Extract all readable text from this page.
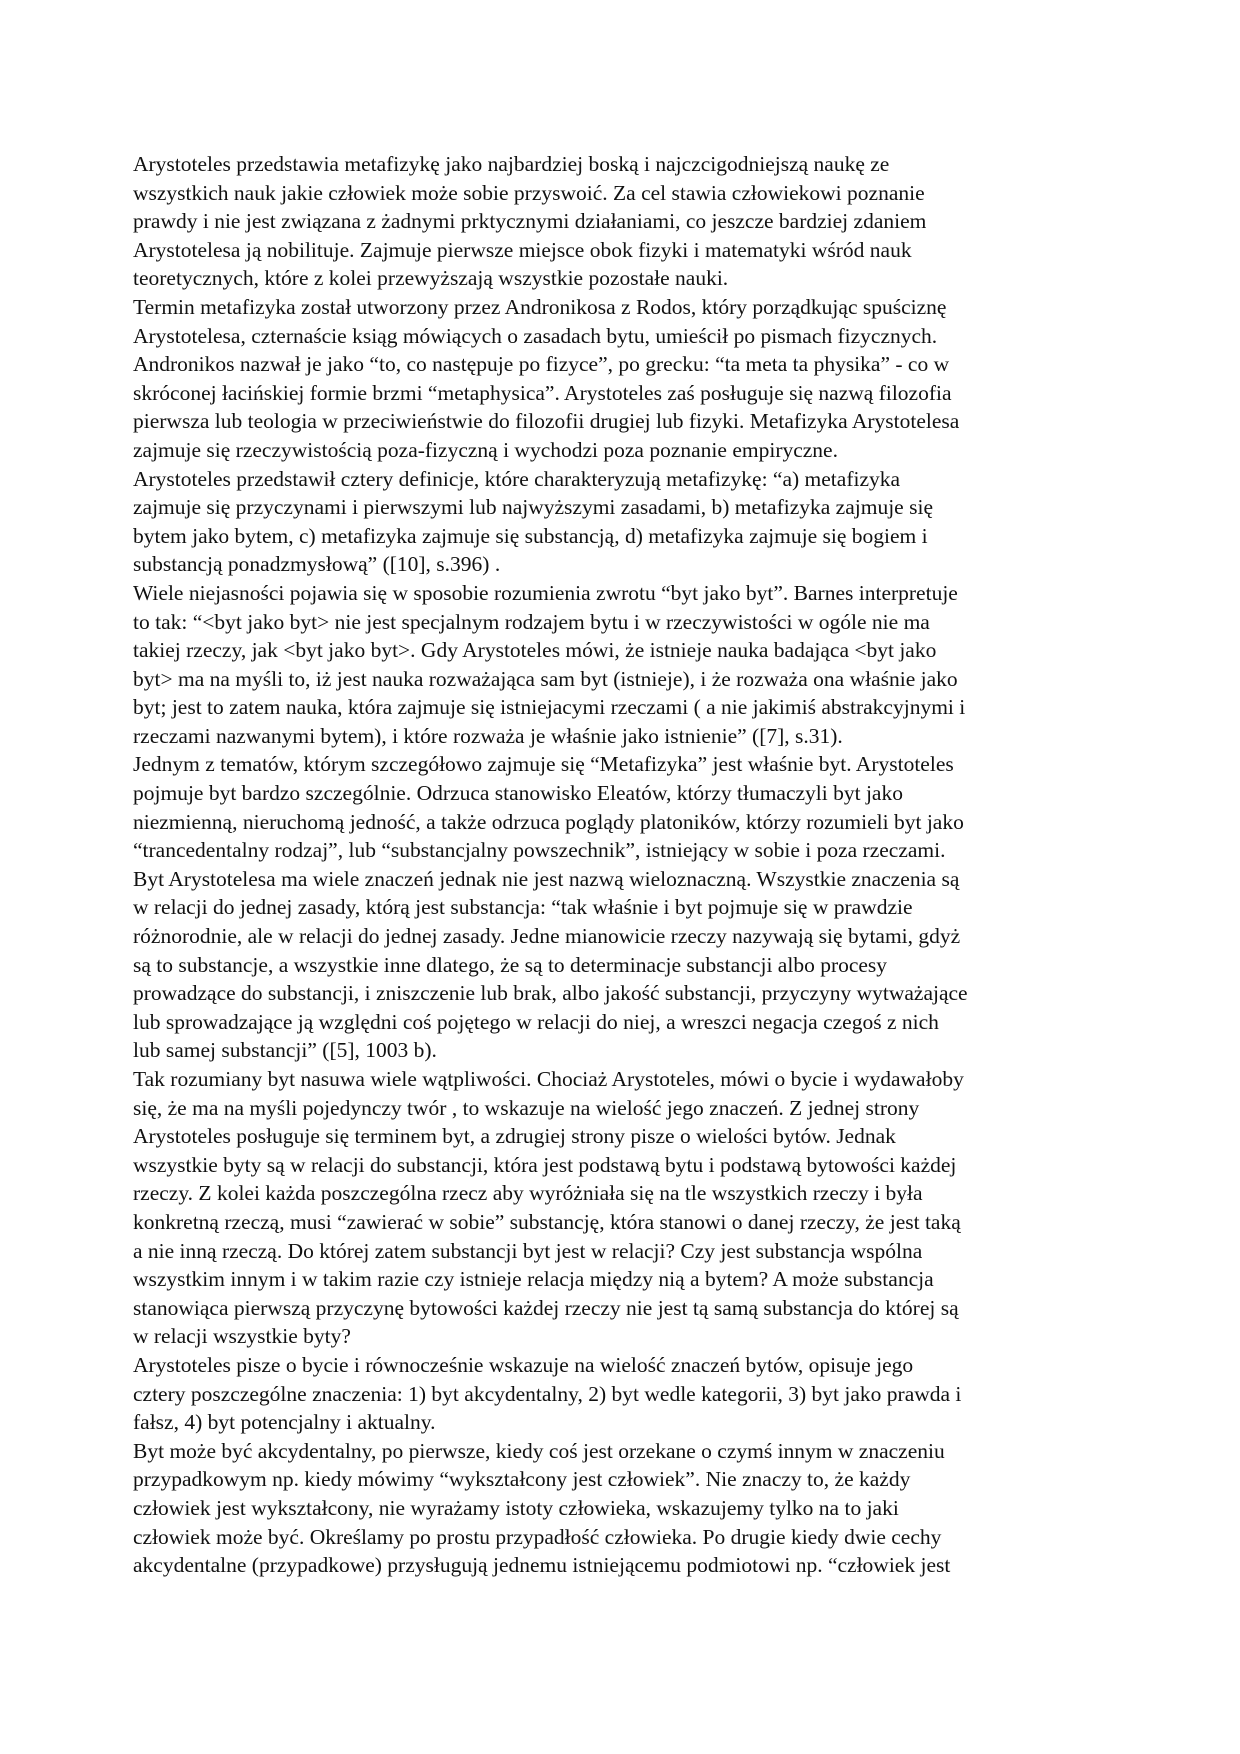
Arystoteles przedstawia metafizykę jako najbardziej boską i najczcigodniejszą naukę ze
wszystkich nauk jakie człowiek może sobie przyswoić. Za cel stawia człowiekowi poznanie
prawdy i nie jest związana z żadnymi prktycznymi działaniami, co jeszcze bardziej zdaniem
Arystotelesa ją nobilituje. Zajmuje pierwsze miejsce obok fizyki i matematyki wśród nauk
teoretycznych, które z kolei przewyższają wszystkie pozostałe nauki.
Termin metafizyka został utworzony przez Andronikosa z Rodos, który porządkując spuściznę
Arystotelesa, czternaście ksiąg mówiących o zasadach bytu, umieścił po pismach fizycznych.
Andronikos nazwał je jako “to, co następuje po fizyce”, po grecku: “ta meta ta physika” - co w
skróconej łacińskiej formie brzmi “metaphysica”. Arystoteles zaś posługuje się nazwą filozofia
pierwsza lub teologia w przeciwieństwie do filozofii drugiej lub fizyki. Metafizyka Arystotelesa
zajmuje się rzeczywistością poza-fizyczną i wychodzi poza poznanie empiryczne.
Arystoteles przedstawił cztery definicje, które charakteryzują metafizykę: “a) metafizyka
zajmuje się przyczynami i pierwszymi lub najwyższymi zasadami, b) metafizyka zajmuje się
bytem jako bytem, c) metafizyka zajmuje się substancją, d) metafizyka zajmuje się bogiem i
substancją ponadzmysłową” ([10], s.396) .
Wiele niejasności pojawia się w sposobie rozumienia zwrotu “byt jako byt”. Barnes interpretuje
to tak: “<byt jako byt> nie jest specjalnym rodzajem bytu i w rzeczywistości w ogóle nie ma
takiej rzeczy, jak <byt jako byt>. Gdy Arystoteles mówi, że istnieje nauka badająca <byt jako
byt> ma na myśli to, iż jest nauka rozważająca sam byt (istnieje), i że rozważa ona właśnie jako
byt; jest to zatem nauka, która zajmuje się istniejacymi rzeczami ( a nie jakimiś abstrakcyjnymi i
rzeczami nazwanymi bytem), i które rozważa je właśnie jako istnienie” ([7], s.31).
Jednym z tematów, którym szczegółowo zajmuje się “Metafizyka” jest właśnie byt. Arystoteles
pojmuje byt bardzo szczególnie. Odrzuca stanowisko Eleatów, którzy tłumaczyli byt jako
niezmienną, nieruchomą jedność, a także odrzuca poglądy platoników, którzy rozumieli byt jako
“trancedentalny rodzaj”, lub “substancjalny powszechnik”, istniejący w sobie i poza rzeczami.
Byt Arystotelesa ma wiele znaczeń jednak nie jest nazwą wieloznaczną. Wszystkie znaczenia są
w relacji do jednej zasady, którą jest substancja: “tak właśnie i byt pojmuje się w prawdzie
różnorodnie, ale w relacji do jednej zasady. Jedne mianowicie rzeczy nazywają się bytami, gdyż
są to substancje, a wszystkie inne dlatego, że są to determinacje substancji albo procesy
prowadzące do substancji, i zniszczenie lub brak, albo jakość substancji, przyczyny wytważające
lub sprowadzające ją względni coś pojętego w relacji do niej, a wreszci negacja czegoś z nich
lub samej substancji” ([5], 1003 b).
Tak rozumiany byt nasuwa wiele wątpliwości. Chociaż Arystoteles, mówi o bycie i wydawałoby
się, że ma na myśli pojedynczy twór , to wskazuje na wielość jego znaczeń. Z jednej strony
Arystoteles posługuje się terminem byt, a zdrugiej strony pisze o wielości bytów. Jednak
wszystkie byty są w relacji do substancji, która jest podstawą bytu i podstawą bytowości każdej
rzeczy. Z kolei każda poszczególna rzecz aby wyróżniała się na tle wszystkich rzeczy i była
konkretną rzeczą, musi “zawierać w sobie” substancję, która stanowi o danej rzeczy, że jest taką
a nie inną rzeczą. Do której zatem substancji byt jest w relacji? Czy jest substancja wspólna
wszystkim innym i w takim razie czy istnieje relacja między nią a bytem? A może substancja
stanowiąca pierwszą przyczynę bytowości każdej rzeczy nie jest tą samą substancja do której są
w relacji wszystkie byty?
Arystoteles pisze o bycie i równocześnie wskazuje na wielość znaczeń bytów, opisuje jego
cztery poszczególne znaczenia: 1) byt akcydentalny, 2) byt wedle kategorii, 3) byt jako prawda i
fałsz, 4) byt potencjalny i aktualny.
Byt może być akcydentalny, po pierwsze, kiedy coś jest orzekane o czymś innym w znaczeniu
przypadkowym np. kiedy mówimy “wykształcony jest człowiek”. Nie znaczy to, że każdy
człowiek jest wykształcony, nie wyrażamy istoty człowieka, wskazujemy tylko na to jaki
człowiek może być. Określamy po prostu przypadłość człowieka. Po drugie kiedy dwie cechy
akcydentalne (przypadkowe) przysługują jednemu istniejącemu podmiotowi np. “człowiek jest
